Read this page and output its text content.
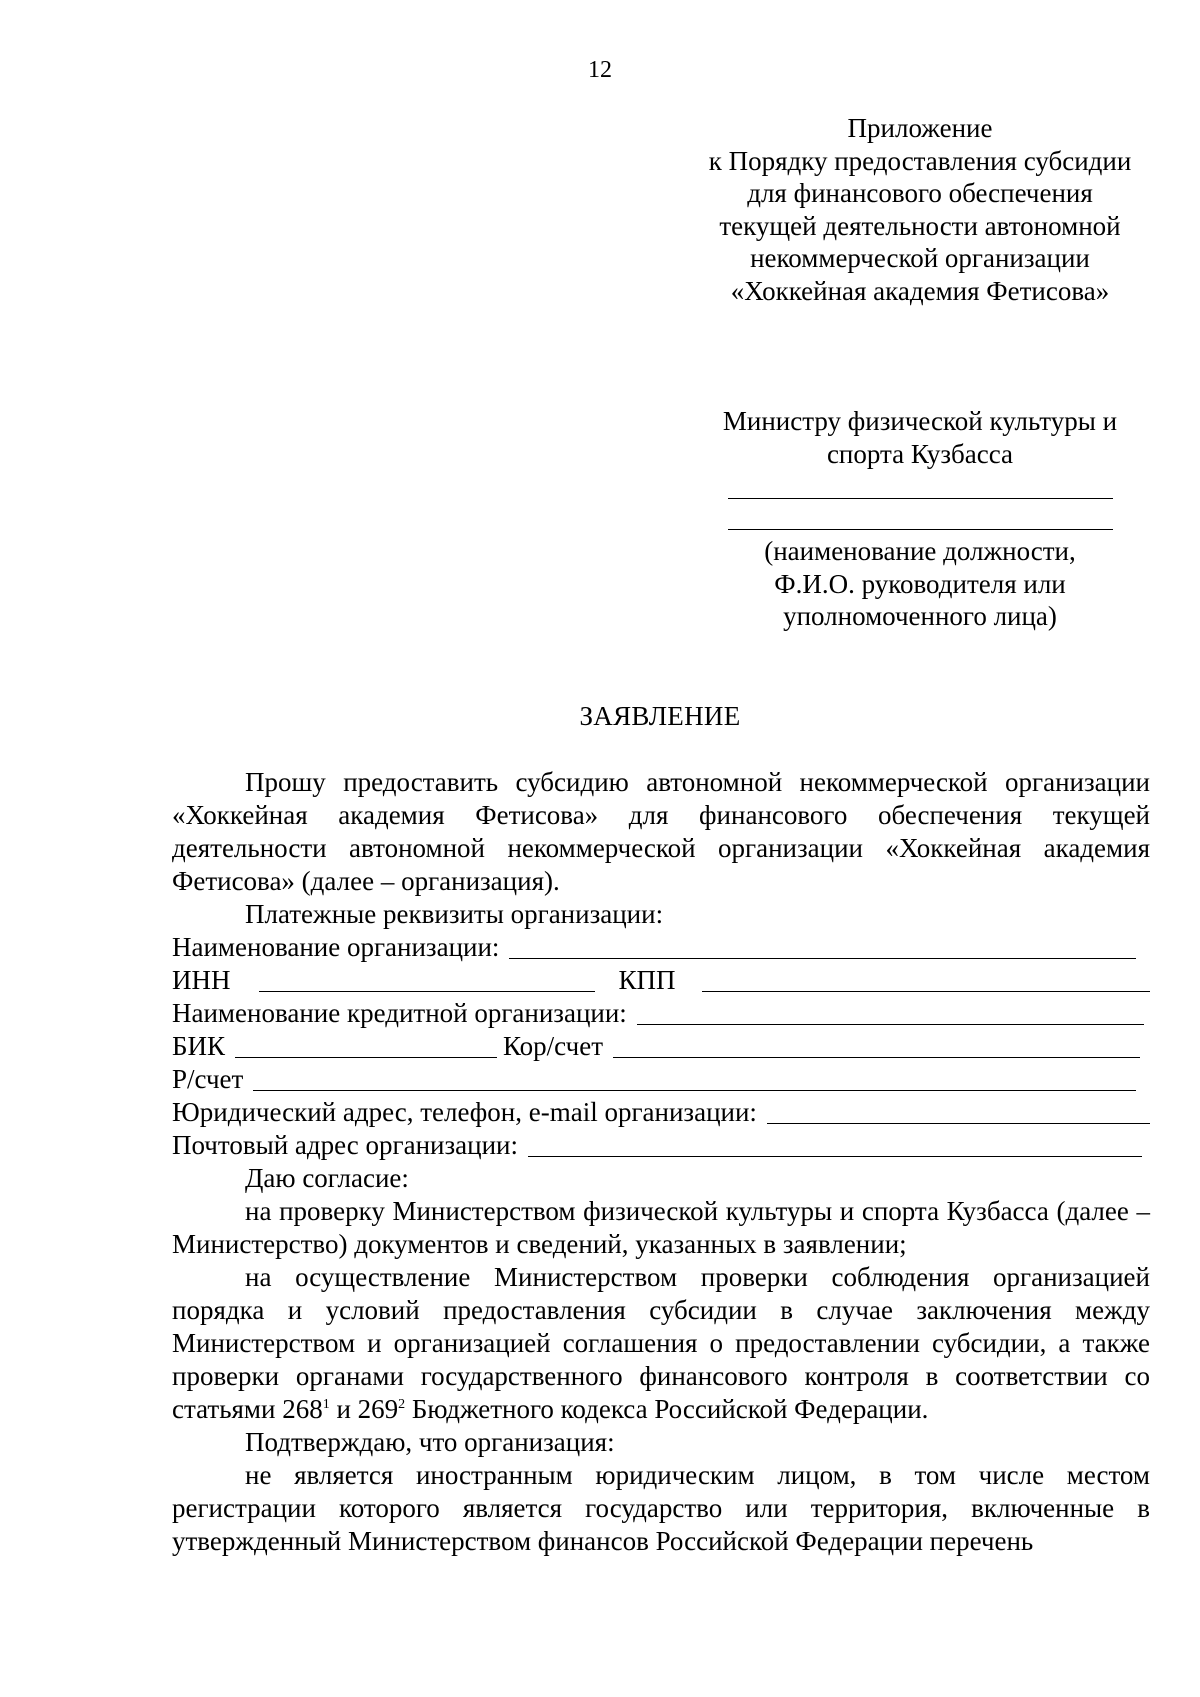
12
Приложение
к Порядку предоставления субсидии
для финансового обеспечения
текущей деятельности автономной
некоммерческой организации
«Хоккейная академия Фетисова»
Министру физической культуры и
спорта Кузбасса
(наименование должности,
Ф.И.О. руководителя или
уполномоченного лица)
ЗАЯВЛЕНИЕ

Прошу предоставить субсидию автономной некоммерческой организации «Хоккейная академия Фетисова» для финансового обеспечения текущей деятельности автономной некоммерческой организации «Хоккейная академия Фетисова» (далее – организация).

Платежные реквизиты организации:

Наименование организации:
ИНН	КПП
Наименование кредитной организации:
БИК	Кор/счет
Р/счет
Юридический адрес, телефон, e-mail организации:
Почтовый адрес организации:

Даю согласие:

на проверку Министерством физической культуры и спорта Кузбасса (далее – Министерство) документов и сведений, указанных в заявлении;

на осуществление Министерством проверки соблюдения организацией порядка и условий предоставления субсидии в случае заключения между Министерством и организацией соглашения о предоставлении субсидии, а также проверки органами государственного финансового контроля в соответствии со статьями $268^1$ и $269^2$ Бюджетного кодекса Российской Федерации.

Подтверждаю, что организация:

не является иностранным юридическим лицом, в том числе местом регистрации которого является государство или территория, включенные в утвержденный Министерством финансов Российской Федерации перечень
